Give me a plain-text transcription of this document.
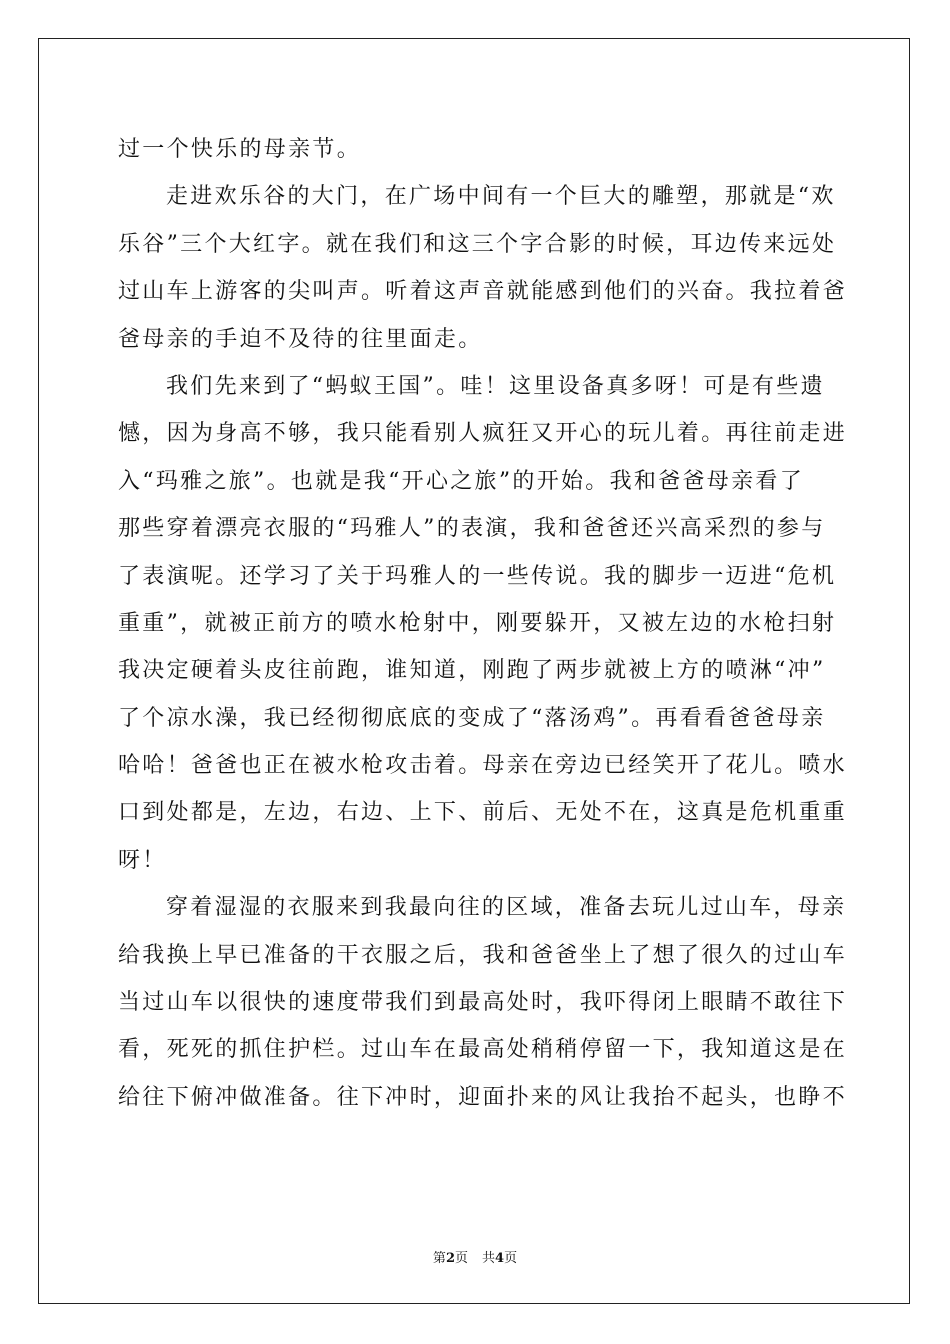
过一个快乐的母亲节。
走进欢乐谷的大门，在广场中间有一个巨大的雕塑，那就是“欢
乐谷”三个大红字。就在我们和这三个字合影的时候，耳边传来远处
过山车上游客的尖叫声。听着这声音就能感到他们的兴奋。我拉着爸
爸母亲的手迫不及待的往里面走。
我们先来到了“蚂蚁王国”。哇！这里设备真多呀！可是有些遗
憾，因为身高不够，我只能看别人疯狂又开心的玩儿着。再往前走进
入“玛雅之旅”。也就是我“开心之旅”的开始。我和爸爸母亲看了
那些穿着漂亮衣服的“玛雅人”的表演，我和爸爸还兴高采烈的参与
了表演呢。还学习了关于玛雅人的一些传说。我的脚步一迈进“危机
重重”，就被正前方的喷水枪射中，刚要躲开，又被左边的水枪扫射
我决定硬着头皮往前跑，谁知道，刚跑了两步就被上方的喷淋“冲”
了个凉水澡，我已经彻彻底底的变成了“落汤鸡”。再看看爸爸母亲
哈哈！爸爸也正在被水枪攻击着。母亲在旁边已经笑开了花儿。喷水
口到处都是，左边，右边、上下、前后、无处不在，这真是危机重重
呀！
穿着湿湿的衣服来到我最向往的区域，准备去玩儿过山车，母亲
给我换上早已准备的干衣服之后，我和爸爸坐上了想了很久的过山车
当过山车以很快的速度带我们到最高处时，我吓得闭上眼睛不敢往下
看，死死的抓住护栏。过山车在最高处稍稍停留一下，我知道这是在
给往下俯冲做准备。往下冲时，迎面扑来的风让我抬不起头，也睁不
第2页 共4页
